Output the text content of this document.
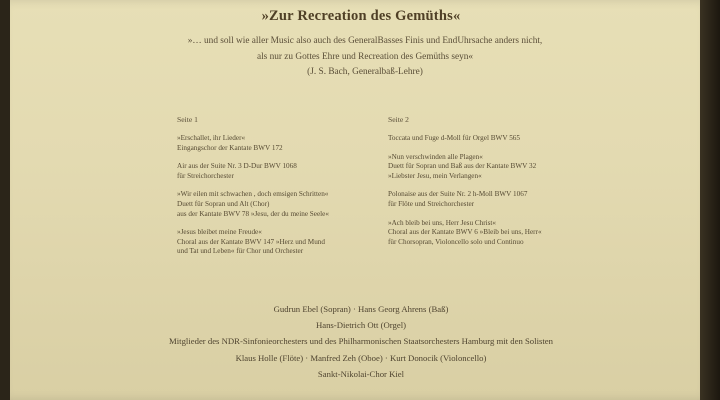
»Zur Recreation des Gemüths«
»… und soll wie aller Music also auch des GeneralBasses Finis und EndUhrsache anders nicht,
als nur zu Gottes Ehre und Recreation des Gemüths seyn«
(J. S. Bach, Generalbaß-Lehre)
Seite 1	Seite 2
»Erschallet, ihr Lieder«
Eingangschor der Kantate BWV 172
Air aus der Suite Nr. 3 D-Dur BWV 1068
für Streichorchester
»Wir eilen mit schwachen , doch emsigen Schritten«
Duett für Sopran und Alt (Chor)
aus der Kantate BWV 78 »Jesu, der du meine Seele«
»Jesus bleibet meine Freude«
Choral aus der Kantate BWV 147 »Herz und Mund
und Tat und Leben« für Chor und Orchester
Toccata und Fuge d-Moll für Orgel BWV 565
»Nun verschwinden alle Plagen«
Duett für Sopran und Baß aus der Kantate BWV 32
»Liebster Jesu, mein Verlangen«
Polonaise aus der Suite Nr. 2 h-Moll BWV 1067
für Flöte und Streichorchester
»Ach bleib bei uns, Herr Jesu Christ«
Choral aus der Kantate BWV 6 »Bleib bei uns, Herr«
für Chorsopran, Violoncello solo und Continuo
Gudrun Ebel (Sopran) · Hans Georg Ahrens (Baß)
Hans-Dietrich Ott (Orgel)
Mitglieder des NDR-Sinfonieorchesters und des Philharmonischen Staatsorchesters Hamburg mit den Solisten
Klaus Holle (Flöte) · Manfred Zeh (Oboe) · Kurt Donocik (Violoncello)
Sankt-Nikolai-Chor Kiel
